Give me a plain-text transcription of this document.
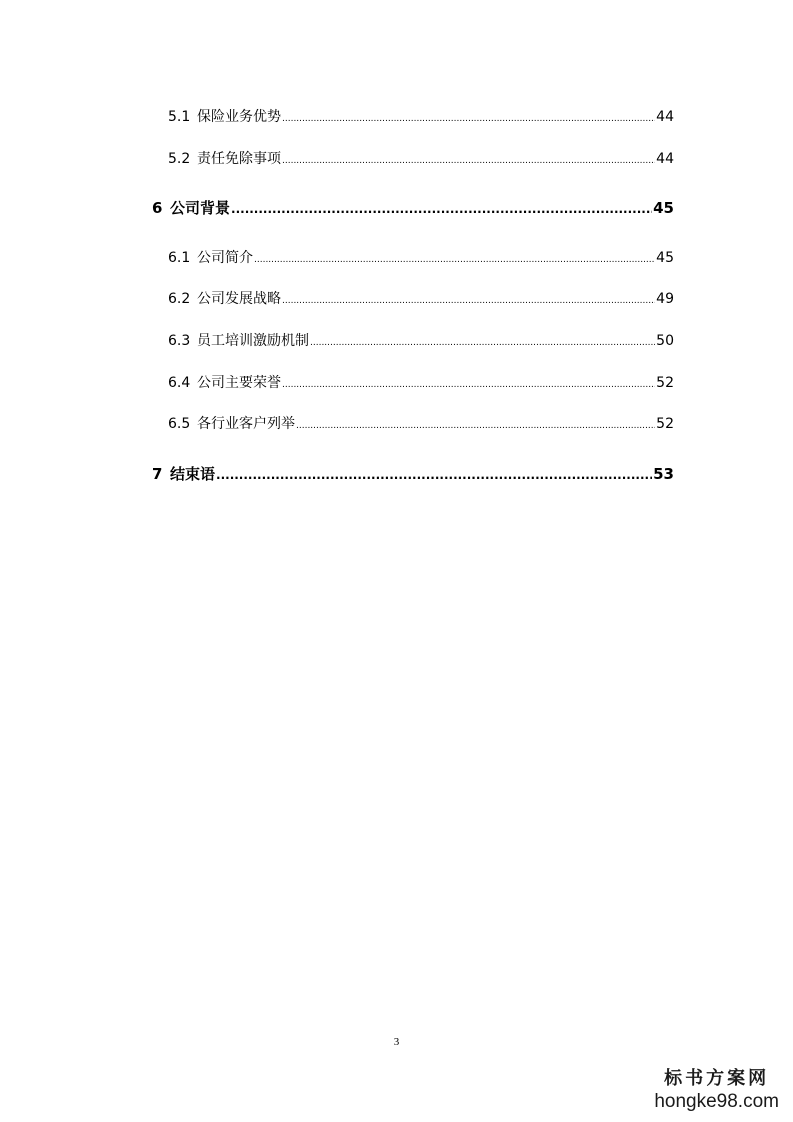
5.1 保险业务优势 .....	44
5.2 责任免除事项 .....	44
6 公司背景 .....	45
6.1 公司简介 .....	45
6.2 公司发展战略 .....	49
6.3 员工培训激励机制 .....	50
6.4 公司主要荣誉 .....	52
6.5 各行业客户列举 .....	52
7 结束语 .....	53
3
标书方案网
hongke98.com
